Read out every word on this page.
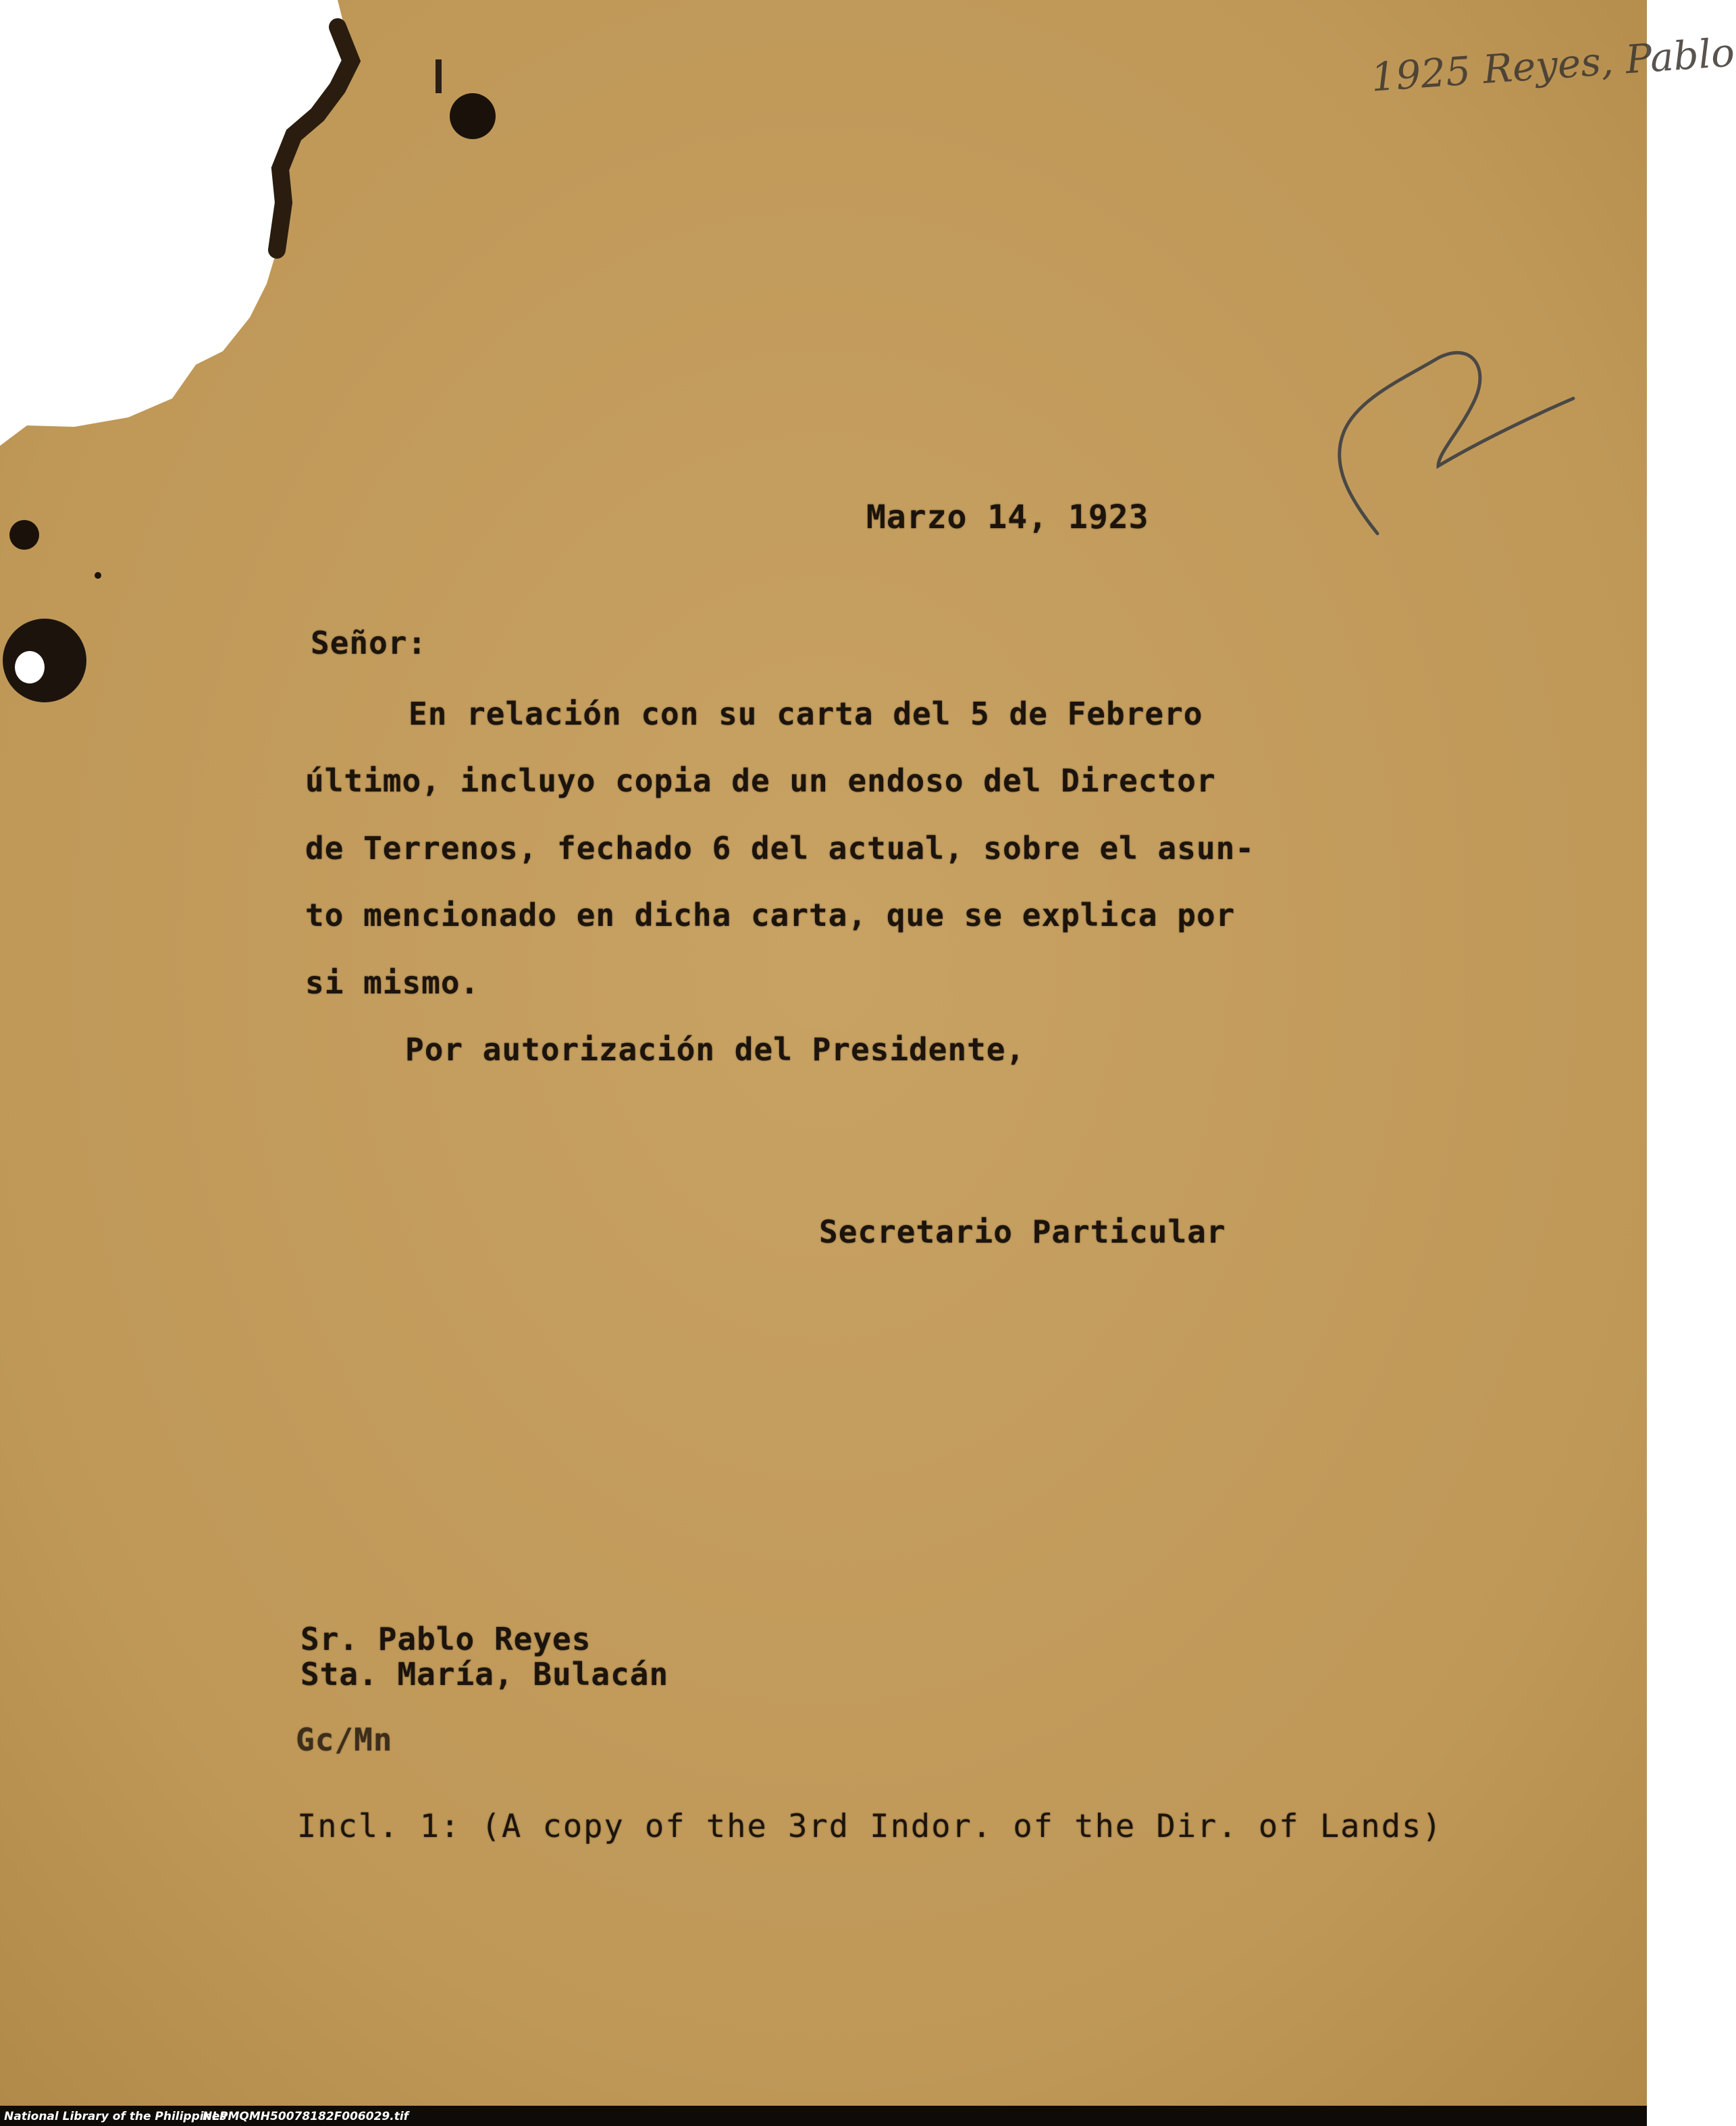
1925 Reyes, Pablo
Marzo 14, 1923
Señor:
En relación con su carta del 5 de Febrero
último, incluyo copia de un endoso del Director
de Terrenos, fechado 6 del actual, sobre el asun-
to mencionado en dicha carta, que se explica por
si mismo.
Por autorización del Presidente,
Secretario Particular
Sr. Pablo Reyes
Sta. María, Bulacán
Gc/Mn
Incl. 1: (A copy of the 3rd Indor. of the Dir. of Lands)
National Library of the Philippines
NLPMQMH50078182F006029.tif
